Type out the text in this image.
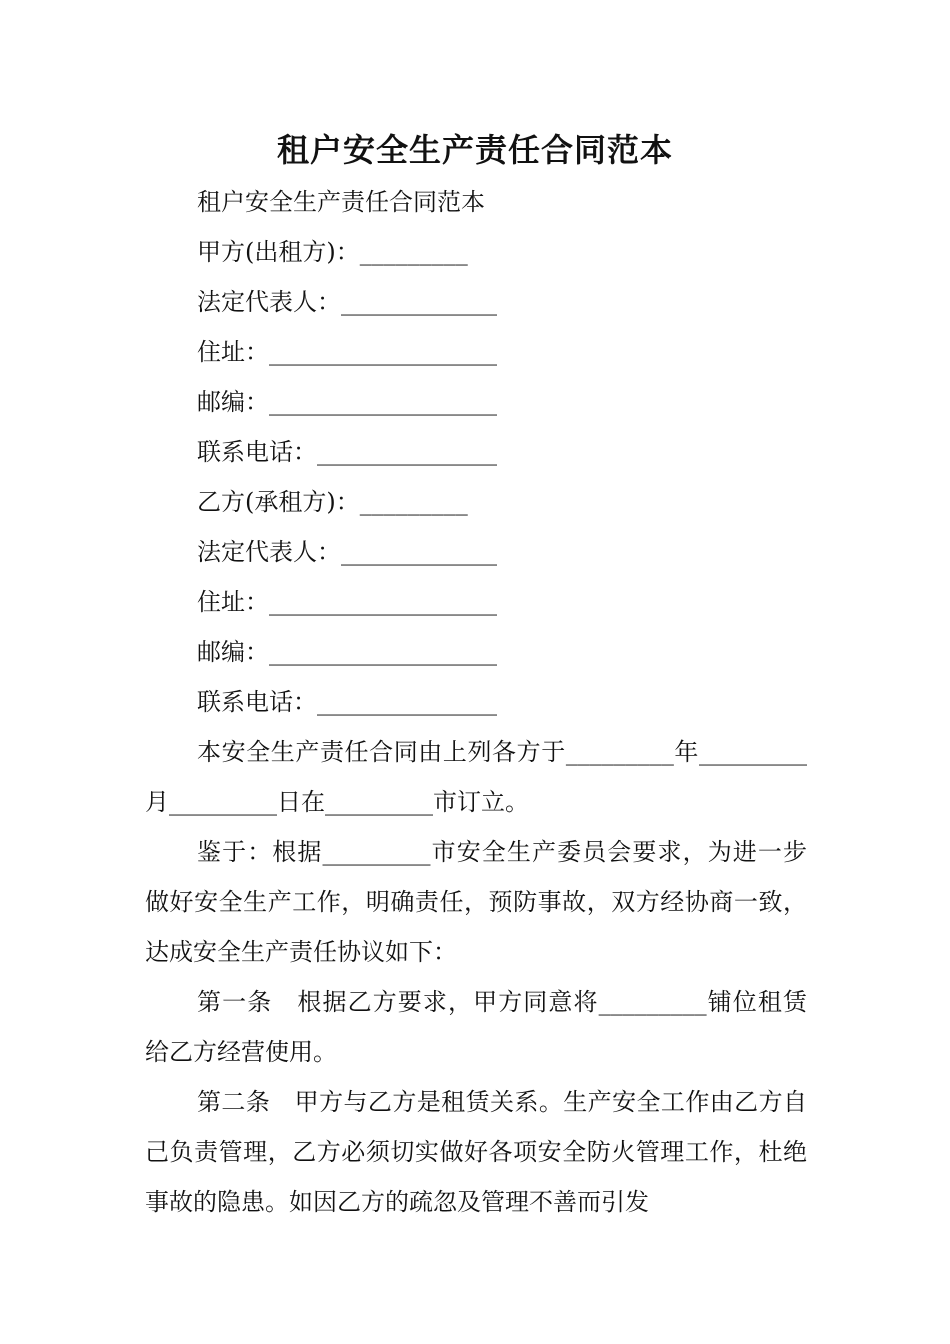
租户安全生产责任合同范本

租户安全生产责任合同范本

甲方(出租方)：_________

法定代表人：_____________

住址：___________________

邮编：___________________

联系电话：_______________

乙方(承租方)：_________

法定代表人：_____________

住址：___________________

邮编：___________________

联系电话：_______________

本安全生产责任合同由上列各方于_________年_________月_________日在_________市订立。

鉴于：根据_________市安全生产委员会要求，为进一步做好安全生产工作，明确责任，预防事故，双方经协商一致，达成安全生产责任协议如下：

第一条　根据乙方要求，甲方同意将_________铺位租赁给乙方经营使用。

第二条　甲方与乙方是租赁关系。生产安全工作由乙方自己负责管理，乙方必须切实做好各项安全防火管理工作，杜绝事故的隐患。如因乙方的疏忽及管理不善而引发
